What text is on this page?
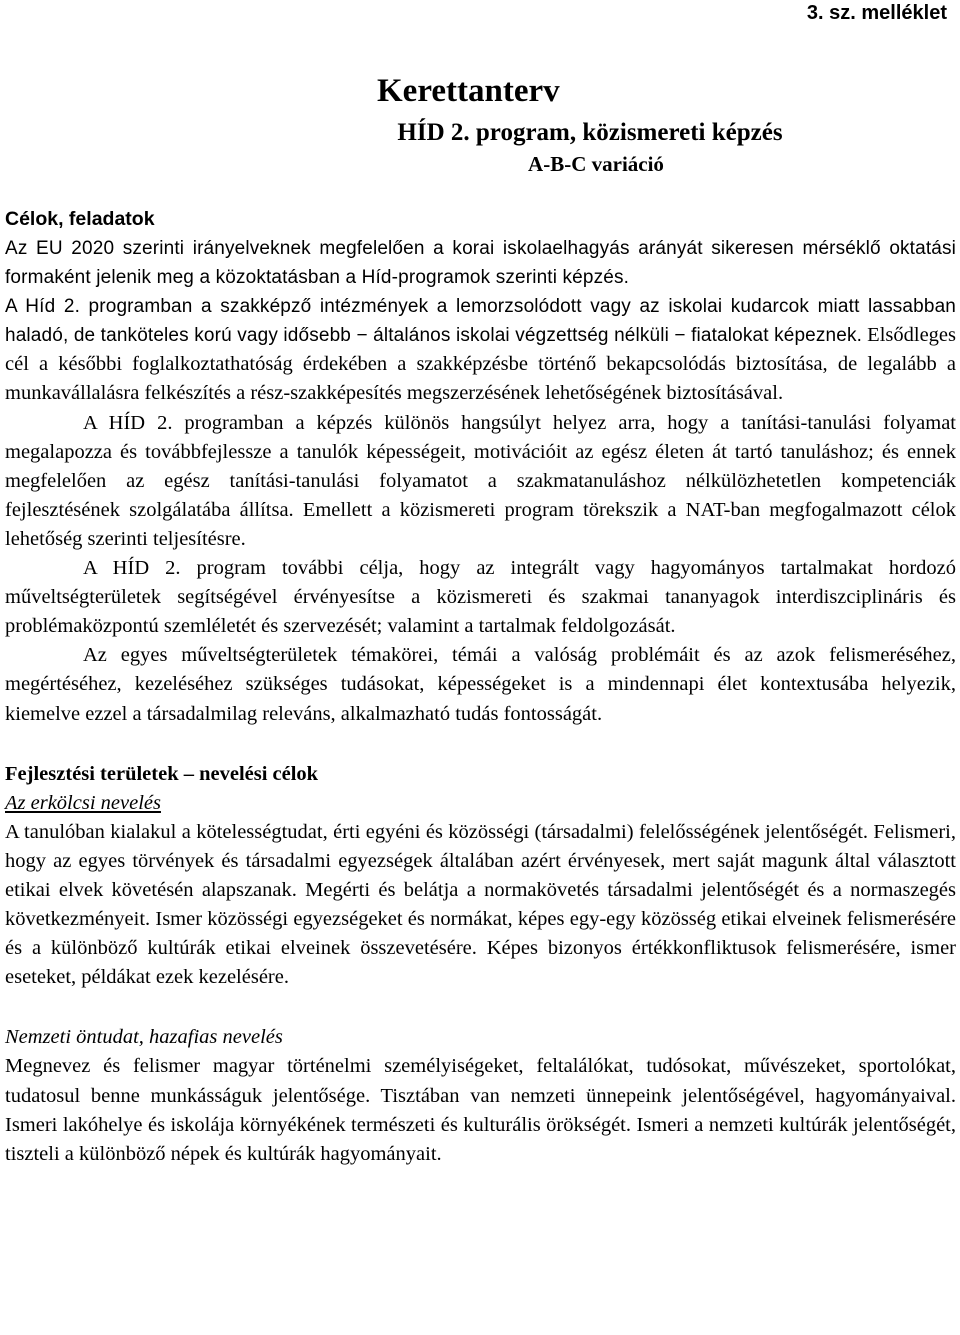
3. sz. melléklet
Kerettanterv
HÍD 2. program, közismereti képzés
A-B-C variáció
Célok, feladatok

Az EU 2020 szerinti irányelveknek megfelelően a korai iskolaelhagyás arányát sikeresen mérséklő oktatási formaként jelenik meg a közoktatásban a Híd-programok szerinti képzés.

A Híd 2. programban a szakképző intézmények a lemorzsolódott vagy az iskolai kudarcok miatt lassabban haladó, de tanköteles korú vagy idősebb − általános iskolai végzettség nélküli − fiatalokat képeznek. Elsődleges cél a későbbi foglalkoztathatóság érdekében a szakképzésbe történő bekapcsolódás biztosítása, de legalább a munkavállalásra felkészítés a rész-szakképesítés megszerzésének lehetőségének biztosításával.

A HÍD 2. programban a képzés különös hangsúlyt helyez arra, hogy a tanítási-tanulási folyamat megalapozza és továbbfejlessze a tanulók képességeit, motivációit az egész életen át tartó tanuláshoz; és ennek megfelelően az egész tanítási-tanulási folyamatot a szakmatanuláshoz nélkülözhetetlen kompetenciák fejlesztésének szolgálatába állítsa. Emellett a közismereti program törekszik a NAT-ban megfogalmazott célok lehetőség szerinti teljesítésre.

A HÍD 2. program további célja, hogy az integrált vagy hagyományos tartalmakat hordozó műveltségterületek segítségével érvényesítse a közismereti és szakmai tananyagok interdiszciplináris és problémaközpontú szemléletét és szervezését; valamint a tartalmak feldolgozását.

Az egyes műveltségterületek témakörei, témái a valóság problémáit és az azok felismeréséhez, megértéséhez, kezeléséhez szükséges tudásokat, képességeket is a mindennapi élet kontextusába helyezik, kiemelve ezzel a társadalmilag releváns, alkalmazható tudás fontosságát.

Fejlesztési területek – nevelési célok
Az erkölcsi nevelés

A tanulóban kialakul a kötelességtudat, érti egyéni és közösségi (társadalmi) felelősségének jelentőségét. Felismeri, hogy az egyes törvények és társadalmi egyezségek általában azért érvényesek, mert saját magunk által választott etikai elvek követésén alapszanak. Megérti és belátja a normakövetés társadalmi jelentőségét és a normaszegés következményeit. Ismer közösségi egyezségeket és normákat, képes egy-egy közösség etikai elveinek felismerésére és a különböző kultúrák etikai elveinek összevetésére. Képes bizonyos értékkonfliktusok felismerésére, ismer eseteket, példákat ezek kezelésére.

Nemzeti öntudat, hazafias nevelés

Megnevez és felismer magyar történelmi személyiségeket, feltalálókat, tudósokat, művészeket, sportolókat, tudatosul benne munkásságuk jelentősége. Tisztában van nemzeti ünnepeink jelentőségével, hagyományaival. Ismeri lakóhelye és iskolája környékének természeti és kulturális örökségét. Ismeri a nemzeti kultúrák jelentőségét, tiszteli a különböző népek és kultúrák hagyományait.
